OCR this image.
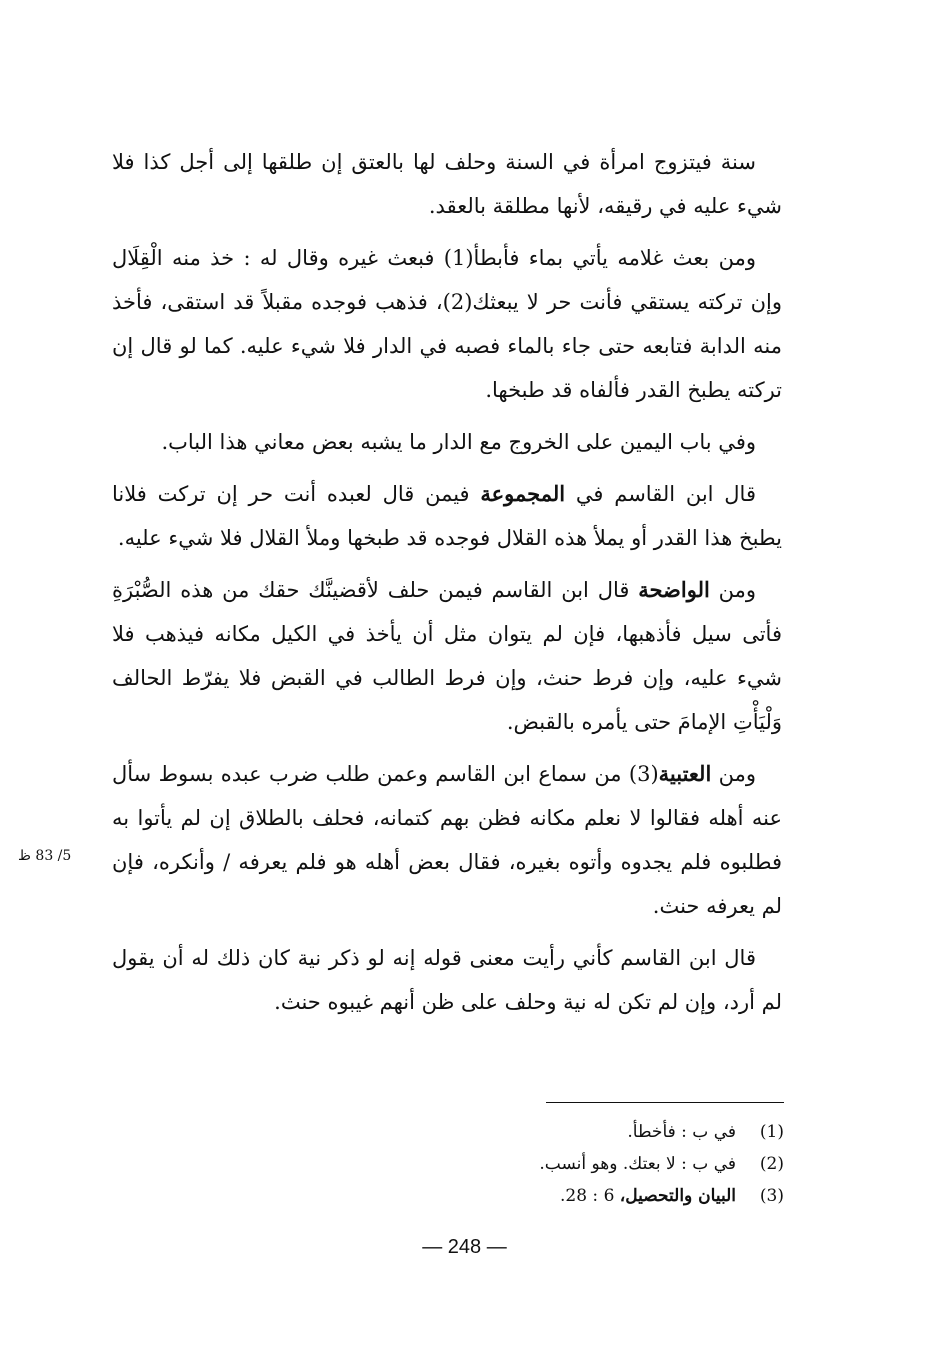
سنة فيتزوج امرأة في السنة وحلف لها بالعتق إن طلقها إلى أجل كذا فلا شيء عليه في رقيقه، لأنها مطلقة بالعقد.

ومن بعث غلامه يأتي بماء فأبطأ(1) فبعث غيره وقال له : خذ منه الْقِلَال وإن تركته يستقي فأنت حر لا يبعثك(2)، فذهب فوجده مقبلاً قد استقى، فأخذ منه الدابة فتابعه حتى جاء بالماء فصبه في الدار فلا شيء عليه. كما لو قال إن تركته يطبخ القدر فألفاه قد طبخها.

وفي باب اليمين على الخروج مع الدار ما يشبه بعض معاني هذا الباب.

قال ابن القاسم في المجموعة فيمن قال لعبده أنت حر إن تركت فلانا يطبخ هذا القدر أو يملأ هذه القلال فوجده قد طبخها وملأ القلال فلا شيء عليه.

ومن الواضحة قال ابن القاسم فيمن حلف لأقضينَّك حقك من هذه الصُّبْرَةِ فأتى سيل فأذهبها، فإن لم يتوان مثل أن يأخذ في الكيل مكانه فيذهب فلا شيء عليه، وإن فرط حنث، وإن فرط الطالب في القبض فلا يفرّط الحالف وَلْيَأْتِ الإمامَ حتى يأمره بالقبض.

ومن العتبية(3) من سماع ابن القاسم وعمن طلب ضرب عبده بسوط سأل عنه أهله فقالوا لا نعلم مكانه فظن بهم كتمانه، فحلف بالطلاق إن لم يأتوا به فطلبوه فلم يجدوه وأتوه بغيره، فقال بعض أهله هو فلم يعرفه / وأنكره، فإن لم يعرفه حنث.

قال ابن القاسم كأني رأيت معنى قوله إنه لو ذكر نية كان ذلك له أن يقول لم أرد، وإن لم تكن له نية وحلف على ظن أنهم غيبوه حنث.

5/ 83 ظ
(1)
في ب : فأخطأ.
(2)
في ب : لا بعتك. وهو أنسب.
(3)
البيان والتحصيل، 6 : 28.
— 248 —
